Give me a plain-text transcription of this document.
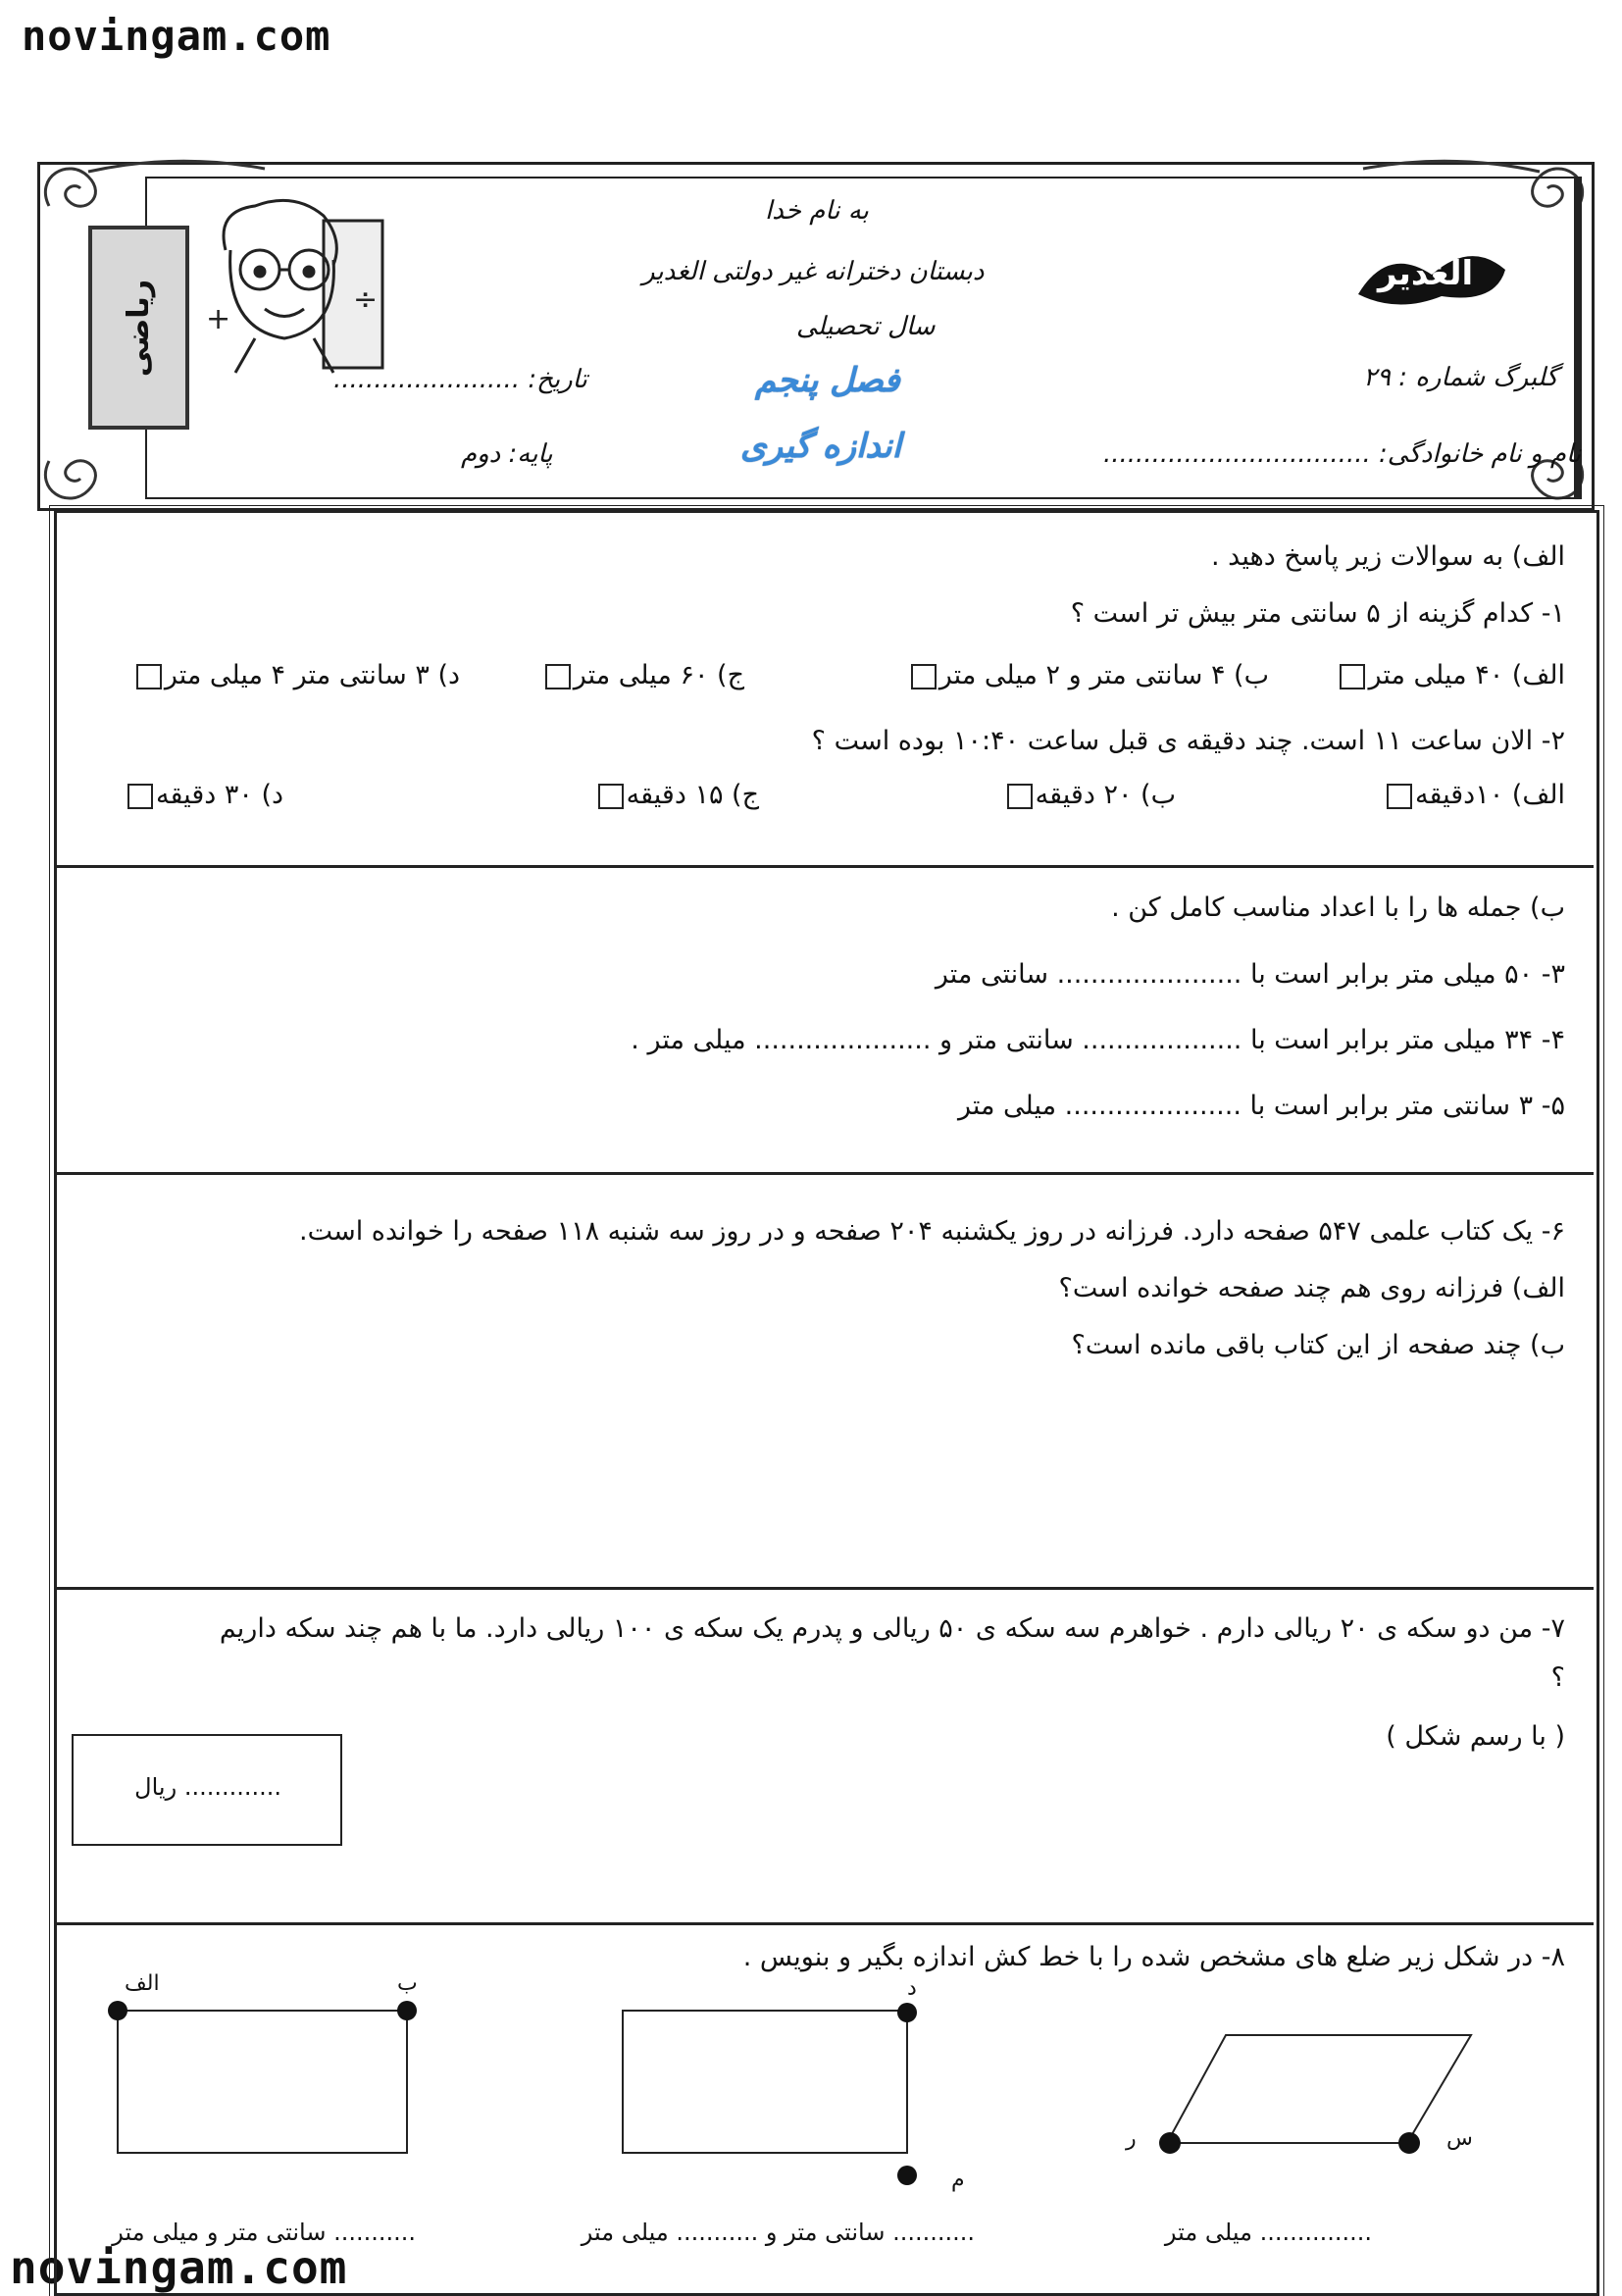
novingam.com
novingam.com
ریاضی +
÷
به نام خدا
دبستان دخترانه غیر دولتی الغدیر
سال تحصیلی
فصل پنجم
اندازه گیری
تاریخ: .......................
پایه: دوم
الغدیر
گلبرگ شماره : ۲۹
نام و نام خانوادگی: .................................
الف) به سوالات زیر پاسخ دهید .
۱- کدام گزینه از ۵ سانتی متر بیش تر است ؟
الف) ۴۰ میلی متر
ب) ۴ سانتی متر و ۲ میلی متر
ج) ۶۰ میلی متر
د) ۳ سانتی متر ۴ میلی متر
۲- الان ساعت ۱۱ است. چند دقیقه ی قبل ساعت ۱۰:۴۰ بوده است ؟
الف) ۱۰دقیقه
ب) ۲۰ دقیقه
ج) ۱۵ دقیقه
د) ۳۰ دقیقه
ب) جمله ها را با اعداد مناسب کامل کن .
۳- ۵۰ میلی متر برابر است با ...................... سانتی متر
۴- ۳۴ میلی متر برابر است با ................... سانتی متر و ..................... میلی متر .
۵- ۳ سانتی متر برابر است با ..................... میلی متر
۶- یک کتاب علمی ۵۴۷ صفحه دارد. فرزانه در روز یکشنبه ۲۰۴ صفحه و در روز سه شنبه ۱۱۸ صفحه را خوانده است.
الف) فرزانه روی هم چند صفحه خوانده است؟
ب) چند صفحه از این کتاب باقی مانده است؟
۷- من دو سکه ی ۲۰ ریالی دارم . خواهرم سه سکه ی ۵۰ ریالی و پدرم یک سکه ی ۱۰۰ ریالی دارد. ما با هم چند سکه داریم
؟
( با رسم شکل )
............. ریال
۸- در شکل زیر ضلع های مشخص شده را با خط کش اندازه بگیر و بنویس .
الف	ب
........... سانتی متر و میلی متر
د
م
........... سانتی متر و ........... میلی متر
ر	س
............... میلی متر
